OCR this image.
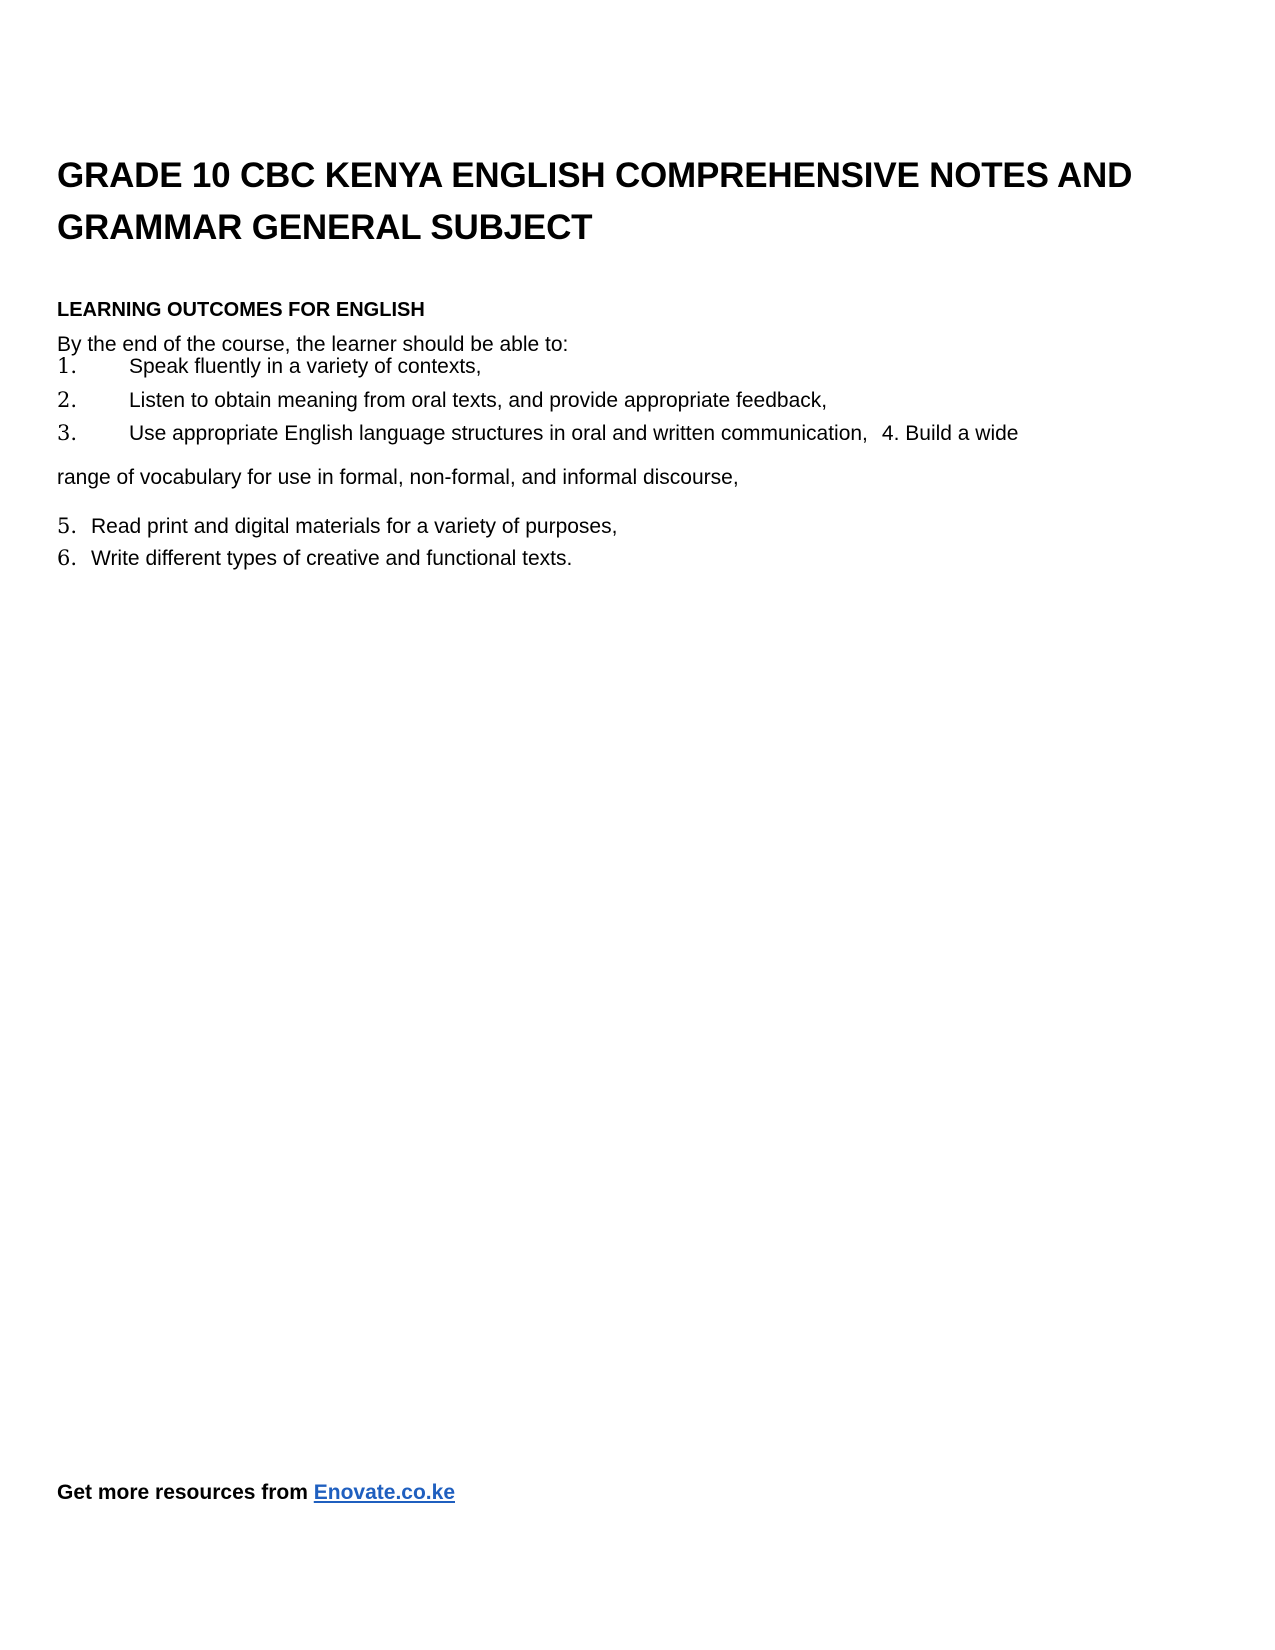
GRADE 10 CBC KENYA ENGLISH COMPREHENSIVE NOTES AND
GRAMMAR GENERAL SUBJECT
LEARNING OUTCOMES FOR ENGLISH
By the end of the course, the learner should be able to:
1. Speak fluently in a variety of contexts,
2. Listen to obtain meaning from oral texts, and provide appropriate feedback,
3. Use appropriate English language structures in oral and written communication, 4. Build a wide
range of vocabulary for use in formal, non-formal, and informal discourse,
5. Read print and digital materials for a variety of purposes,
6. Write different types of creative and functional texts.
Get more resources from Enovate.co.ke
